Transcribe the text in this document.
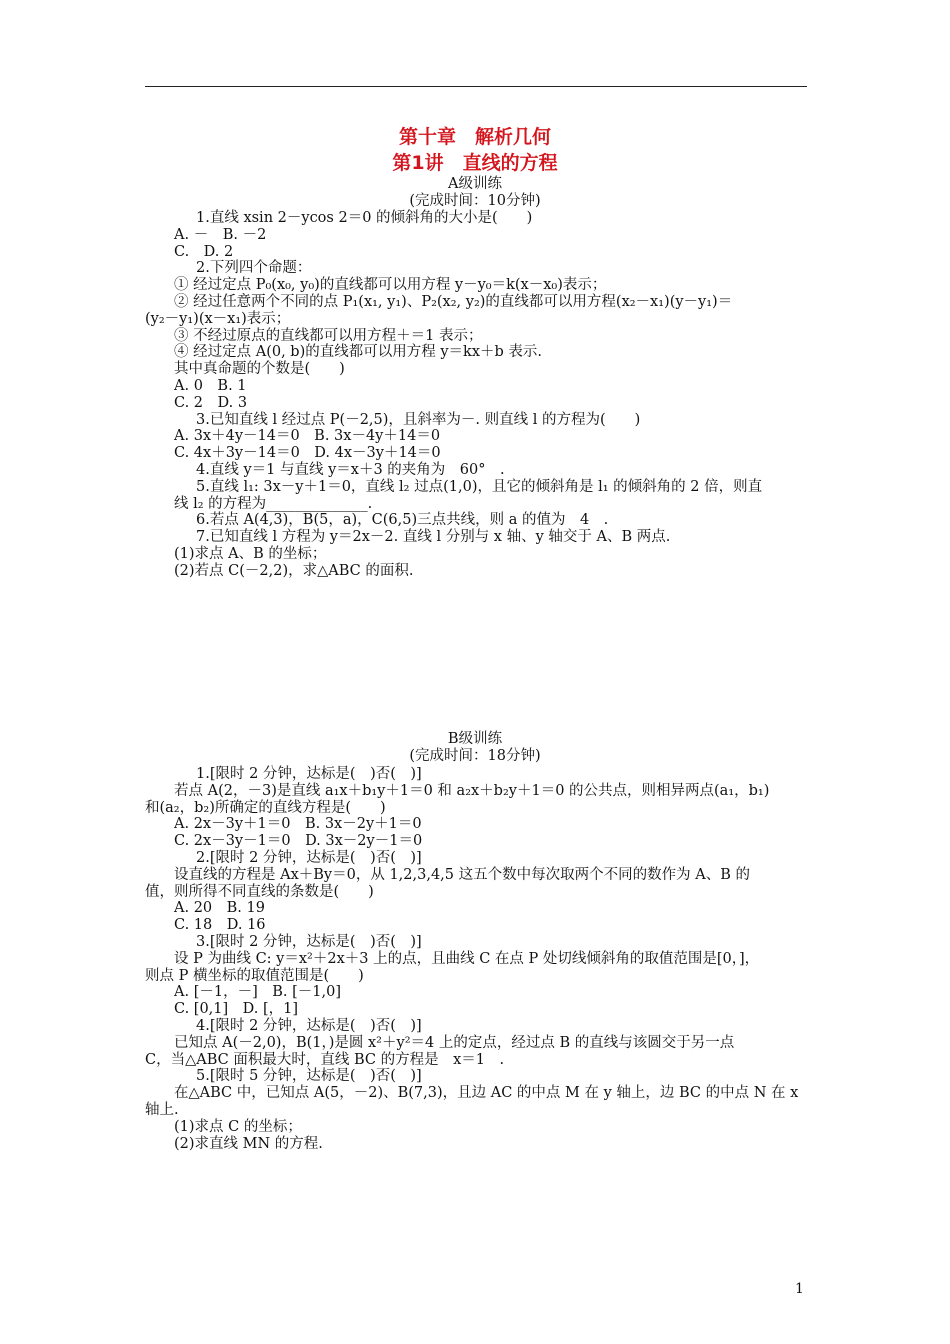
第十章　解析几何
第1讲　直线的方程
A级训练
(完成时间：10分钟)

1.直线 xsin 2－ycos 2＝0 的倾斜角的大小是(　　)

A. －　B. －2

C.　D. 2

2.下列四个命题：

① 经过定点 P₀(x₀, y₀)的直线都可以用方程 y－y₀＝k(x－x₀)表示；

② 经过任意两个不同的点 P₁(x₁, y₁)、P₂(x₂, y₂)的直线都可以用方程(x₂－x₁)(y－y₁)＝

(y₂－y₁)(x－x₁)表示；

③ 不经过原点的直线都可以用方程＋＝1 表示；

④ 经过定点 A(0, b)的直线都可以用方程 y＝kx＋b 表示.

其中真命题的个数是(　　)

A. 0　B. 1

C. 2　D. 3

3.已知直线 l 经过点 P(－2,5)，且斜率为－. 则直线 l 的方程为(　　)

A. 3x＋4y－14＝0　B. 3x－4y＋14＝0

C. 4x＋3y－14＝0　D. 4x－3y＋14＝0

4.直线 y＝1 与直线 y＝x＋3 的夹角为　60°　.

5.直线 l₁: 3x－y＋1＝0，直线 l₂ 过点(1,0)，且它的倾斜角是 l₁ 的倾斜角的 2 倍，则直

线 l₂ 的方程为______________.

6.若点 A(4,3)，B(5，a)，C(6,5)三点共线，则 a 的值为　4　.

7.已知直线 l 方程为 y＝2x－2. 直线 l 分别与 x 轴、y 轴交于 A、B 两点.

(1)求点 A、B 的坐标；

(2)若点 C(－2,2)，求△ABC 的面积.

B级训练
(完成时间：18分钟)

1.[限时 2 分钟，达标是(　)否(　)]

若点 A(2，－3)是直线 a₁x＋b₁y＋1＝0 和 a₂x＋b₂y＋1＝0 的公共点，则相异两点(a₁，b₁)

和(a₂，b₂)所确定的直线方程是(　　)

A. 2x－3y＋1＝0　B. 3x－2y＋1＝0

C. 2x－3y－1＝0　D. 3x－2y－1＝0

2.[限时 2 分钟，达标是(　)否(　)]

设直线的方程是 Ax＋By＝0，从 1,2,3,4,5 这五个数中每次取两个不同的数作为 A、B 的

值，则所得不同直线的条数是(　　)

A. 20　B. 19

C. 18　D. 16

3.[限时 2 分钟，达标是(　)否(　)]

设 P 为曲线 C: y＝x²＋2x＋3 上的点，且曲线 C 在点 P 处切线倾斜角的取值范围是[0，]，

则点 P 横坐标的取值范围是(　　)

A. [－1，－]　B. [－1,0]

C. [0,1]　D. [，1]

4.[限时 2 分钟，达标是(　)否(　)]

已知点 A(－2,0)，B(1，)是圆 x²＋y²＝4 上的定点，经过点 B 的直线与该圆交于另一点

C，当△ABC 面积最大时，直线 BC 的方程是　x＝1　.

5.[限时 5 分钟，达标是(　)否(　)]

在△ABC 中，已知点 A(5，－2)、B(7,3)，且边 AC 的中点 M 在 y 轴上，边 BC 的中点 N 在 x

轴上.

(1)求点 C 的坐标；

(2)求直线 MN 的方程.

1
